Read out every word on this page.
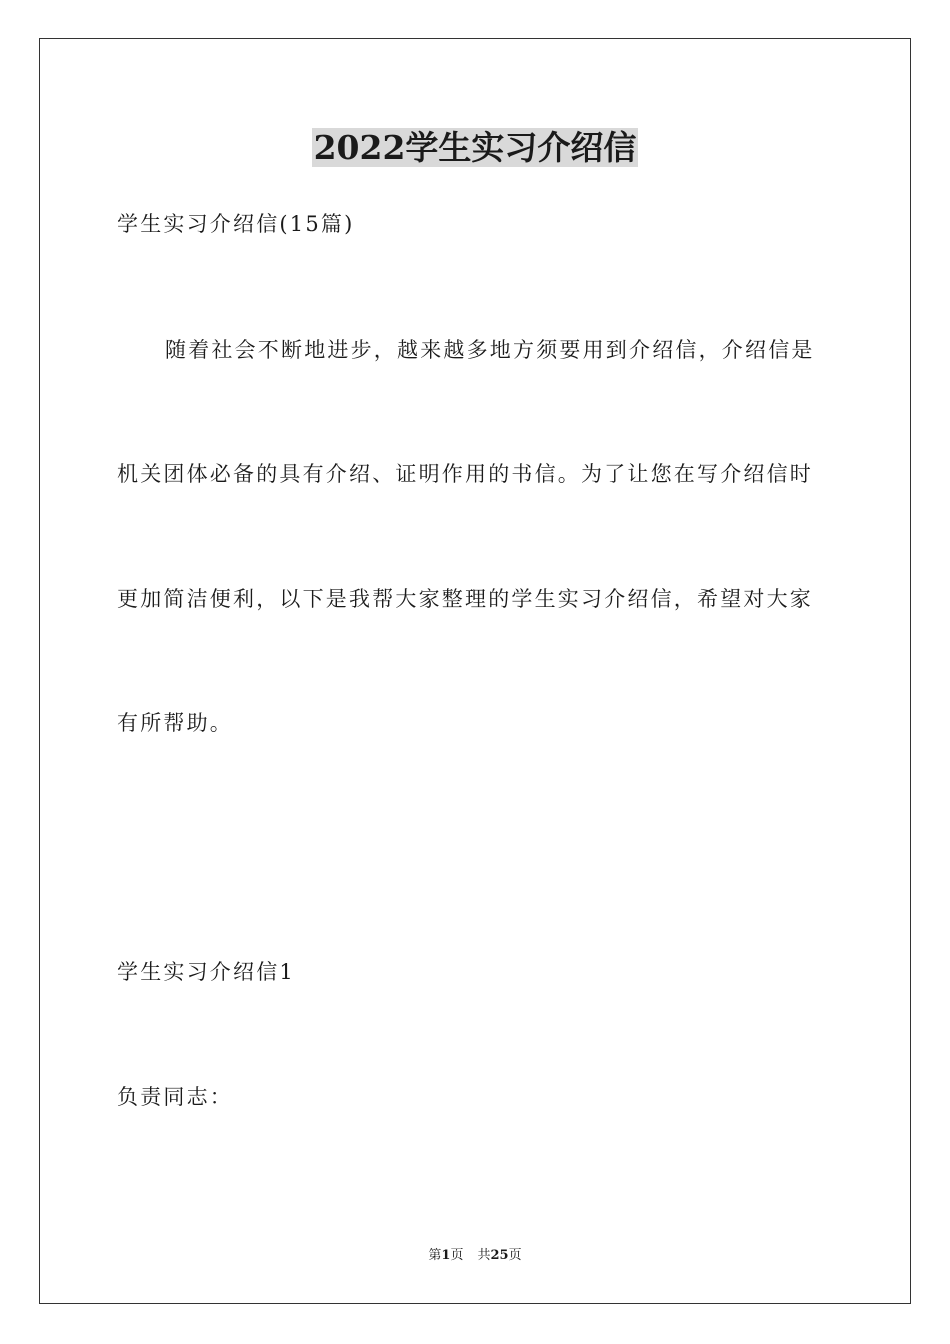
2022学生实习介绍信
学生实习介绍信(15篇)
随着社会不断地进步，越来越多地方须要用到介绍信，介绍信是
机关团体必备的具有介绍、证明作用的书信。为了让您在写介绍信时
更加简洁便利，以下是我帮大家整理的学生实习介绍信，希望对大家
有所帮助。
学生实习介绍信1
负责同志：
第1页 共25页
